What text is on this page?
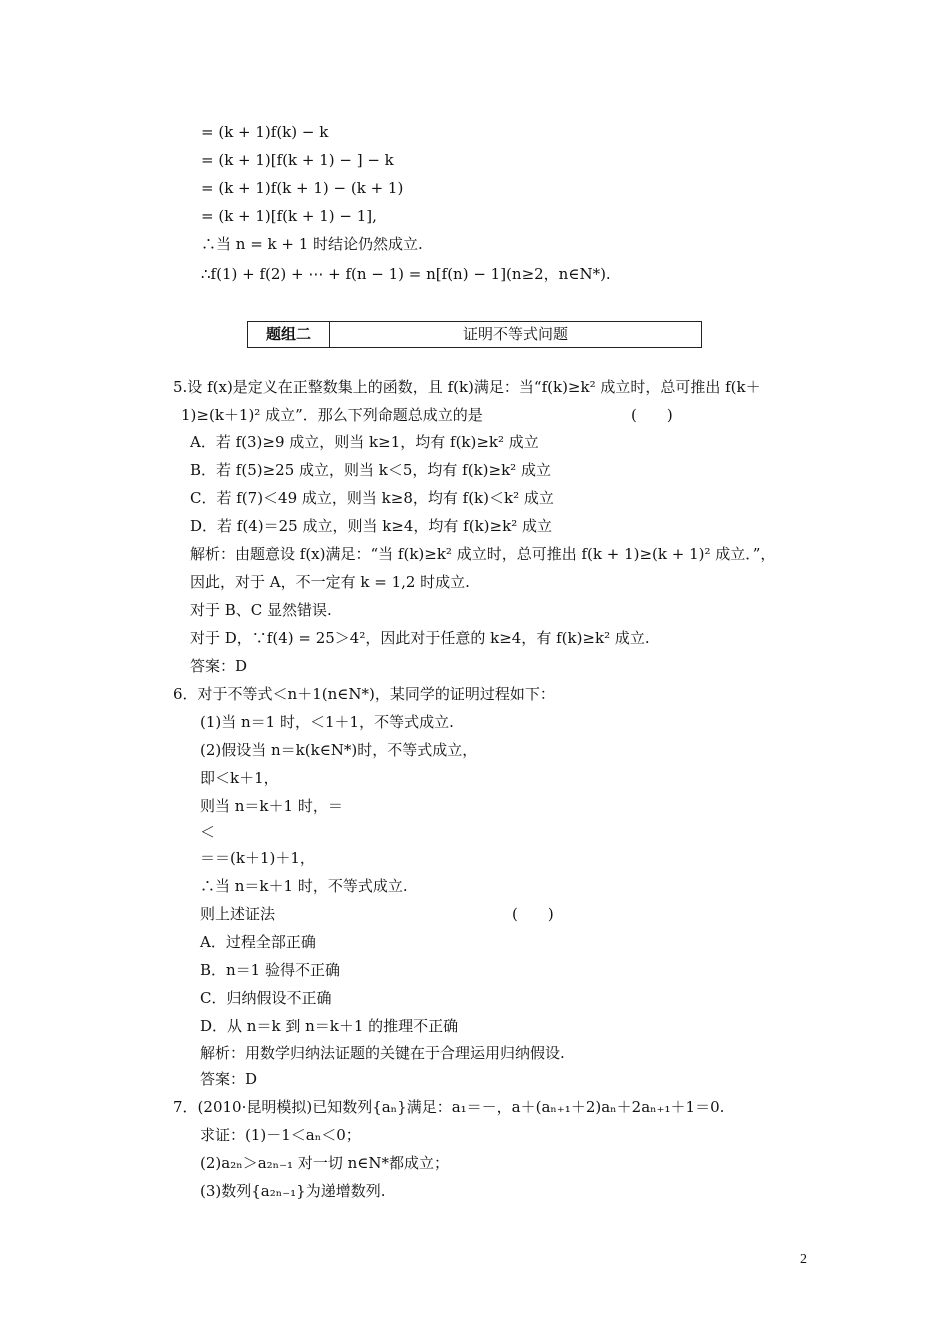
= (k + 1)f(k) − k
= (k + 1)[f(k + 1) − ] − k
= (k + 1)f(k + 1) − (k + 1)
= (k + 1)[f(k + 1) − 1],
∴当 n = k + 1 时结论仍然成立.
∴f(1) + f(2) + ⋯ + f(n − 1) = n[f(n) − 1](n≥2，n∈N*).
题组二	证明不等式问题
5.设 f(x)是定义在正整数集上的函数，且 f(k)满足：当“f(k)≥k² 成立时，总可推出 f(k＋
1)≥(k＋1)² 成立”．那么下列命题总成立的是	(　　)
A．若 f(3)≥9 成立，则当 k≥1，均有 f(k)≥k² 成立
B．若 f(5)≥25 成立，则当 k＜5，均有 f(k)≥k² 成立
C．若 f(7)＜49 成立，则当 k≥8，均有 f(k)＜k² 成立
D．若 f(4)＝25 成立，则当 k≥4，均有 f(k)≥k² 成立
解析：由题意设 f(x)满足：“当 f(k)≥k² 成立时，总可推出 f(k + 1)≥(k + 1)² 成立．”，
因此，对于 A，不一定有 k = 1,2 时成立.
对于 B、C 显然错误.
对于 D，∵f(4) = 25＞4²，因此对于任意的 k≥4，有 f(k)≥k² 成立.
答案：D
6．对于不等式＜n＋1(n∈N*)，某同学的证明过程如下：
(1)当 n＝1 时，＜1＋1，不等式成立.
(2)假设当 n＝k(k∈N*)时，不等式成立，
即＜k＋1，
则当 n＝k＋1 时，＝
＜
＝＝(k＋1)＋1，
∴当 n＝k＋1 时，不等式成立.
则上述证法	(　　)
A．过程全部正确
B．n＝1 验得不正确
C．归纳假设不正确
D．从 n＝k 到 n＝k＋1 的推理不正确
解析：用数学归纳法证题的关键在于合理运用归纳假设.
答案：D
7．(2010·昆明模拟)已知数列{aₙ}满足：a₁＝－，a＋(aₙ₊₁＋2)aₙ＋2aₙ₊₁＋1＝0.
求证：(1)－1＜aₙ＜0；
(2)a₂ₙ＞a₂ₙ₋₁ 对一切 n∈N*都成立；
(3)数列{a₂ₙ₋₁}为递增数列.
2
